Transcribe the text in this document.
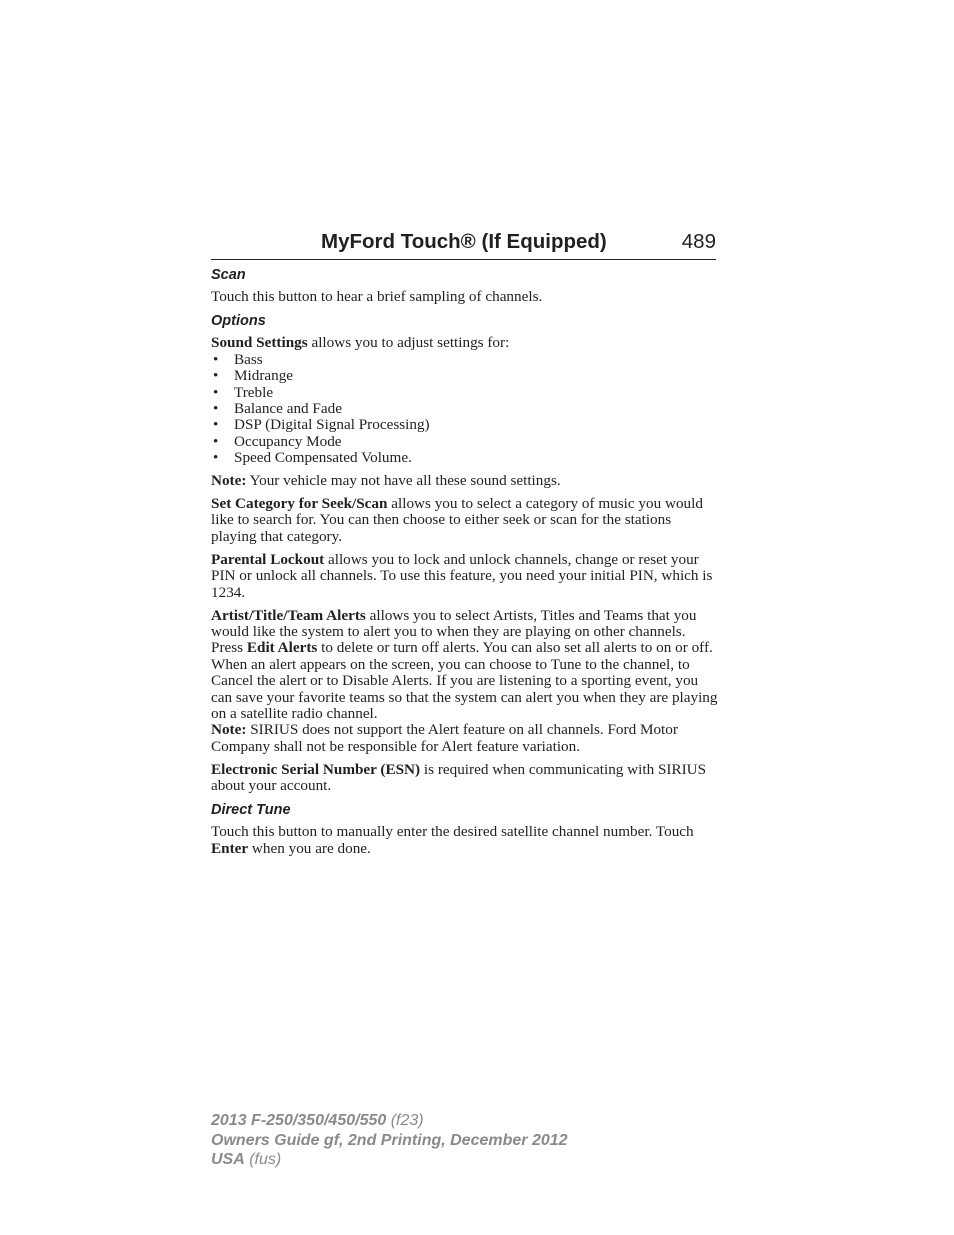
MyFord Touch® (If Equipped)	489
Scan

Touch this button to hear a brief sampling of channels.

Options

Sound Settings allows you to adjust settings for:

• Bass
• Midrange
• Treble
• Balance and Fade
• DSP (Digital Signal Processing)
• Occupancy Mode
• Speed Compensated Volume.

Note: Your vehicle may not have all these sound settings.

Set Category for Seek/Scan allows you to select a category of music you would like to search for. You can then choose to either seek or scan for the stations playing that category.

Parental Lockout allows you to lock and unlock channels, change or reset your PIN or unlock all channels. To use this feature, you need your initial PIN, which is 1234.

Artist/Title/Team Alerts allows you to select Artists, Titles and Teams that you would like the system to alert you to when they are playing on other channels. Press Edit Alerts to delete or turn off alerts. You can also set all alerts to on or off. When an alert appears on the screen, you can choose to Tune to the channel, to Cancel the alert or to Disable Alerts. If you are listening to a sporting event, you can save your favorite teams so that the system can alert you when they are playing on a satellite radio channel.

Note: SIRIUS does not support the Alert feature on all channels. Ford Motor Company shall not be responsible for Alert feature variation.

Electronic Serial Number (ESN) is required when communicating with SIRIUS about your account.

Direct Tune

Touch this button to manually enter the desired satellite channel number. Touch Enter when you are done.

2013 F-250/350/450/550 (f23)
Owners Guide gf, 2nd Printing, December 2012
USA (fus)
